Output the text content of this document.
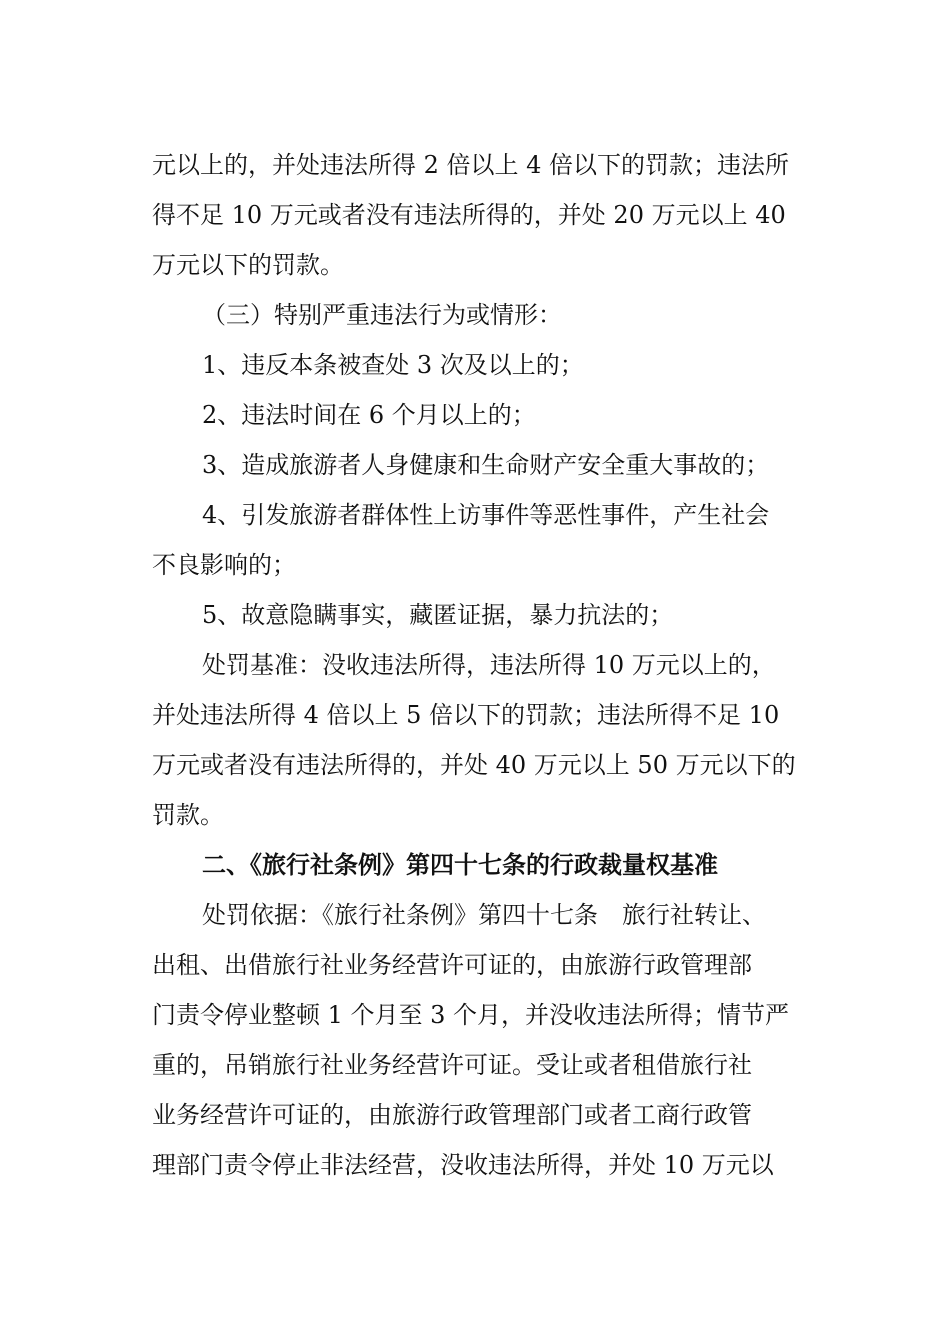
元以上的，并处违法所得 2 倍以上 4 倍以下的罚款；违法所
得不足 10 万元或者没有违法所得的，并处 20 万元以上 40
万元以下的罚款。
（三）特别严重违法行为或情形：
1、违反本条被查处 3 次及以上的；
2、违法时间在 6 个月以上的；
3、造成旅游者人身健康和生命财产安全重大事故的；
4、引发旅游者群体性上访事件等恶性事件，产生社会
不良影响的；
5、故意隐瞒事实，藏匿证据，暴力抗法的；
处罚基准：没收违法所得，违法所得 10 万元以上的，
并处违法所得 4 倍以上 5 倍以下的罚款；违法所得不足 10
万元或者没有违法所得的，并处 40 万元以上 50 万元以下的
罚款。
二、《旅行社条例》第四十七条的行政裁量权基准
处罚依据：《旅行社条例》第四十七条　旅行社转让、
出租、出借旅行社业务经营许可证的，由旅游行政管理部
门责令停业整顿 1 个月至 3 个月，并没收违法所得；情节严
重的，吊销旅行社业务经营许可证。受让或者租借旅行社
业务经营许可证的，由旅游行政管理部门或者工商行政管
理部门责令停止非法经营，没收违法所得，并处 10 万元以
